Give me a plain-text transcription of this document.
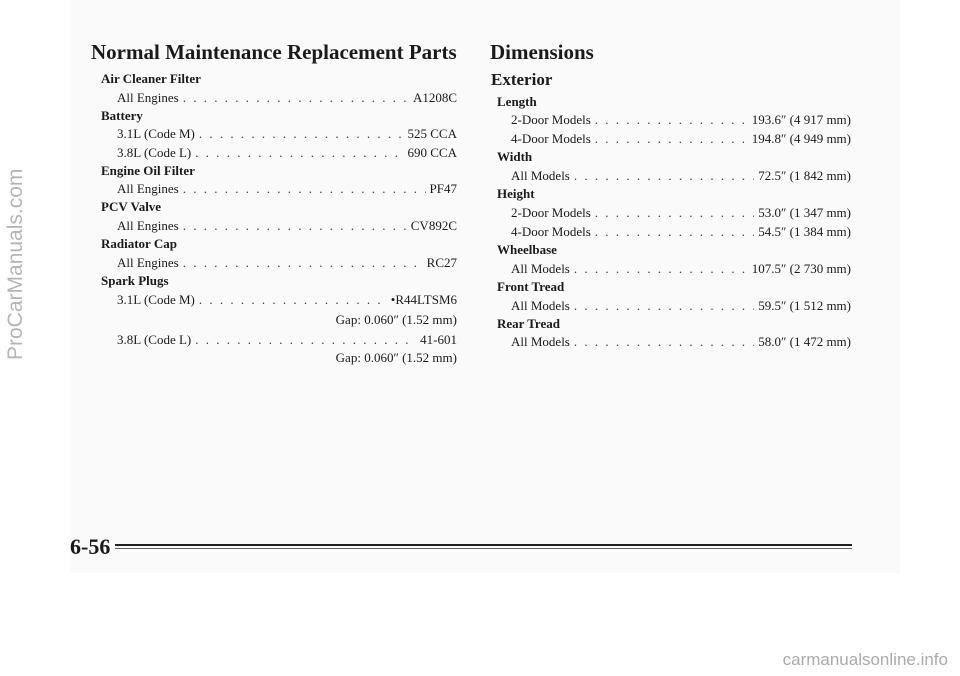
Normal Maintenance Replacement Parts
Air Cleaner Filter
All Engines . . .	A1208C
Battery
3.1L (Code M) . . .	525 CCA
3.8L (Code L) . . .	690 CCA
Engine Oil Filter
All Engines . . .	PF47
PCV Valve
All Engines . . .	CV892C
Radiator Cap
All Engines . . .	RC27
Spark Plugs
3.1L (Code M) . . .	•R44LTSM6
Gap: 0.060″ (1.52 mm)
3.8L (Code L) . . .	41-601
Gap: 0.060″ (1.52 mm)
Dimensions
Exterior
Length
2-Door Models . . .	193.6″ (4 917 mm)
4-Door Models . . .	194.8″ (4 949 mm)
Width
All Models . . .	72.5″ (1 842 mm)
Height
2-Door Models . . .	53.0″ (1 347 mm)
4-Door Models . . .	54.5″ (1 384 mm)
Wheelbase
All Models . . .	107.5″ (2 730 mm)
Front Tread
All Models . . .	59.5″ (1 512 mm)
Rear Tread
All Models . . .	58.0″ (1 472 mm)
6-56
ProCarManuals.com
carmanualsonline.info
